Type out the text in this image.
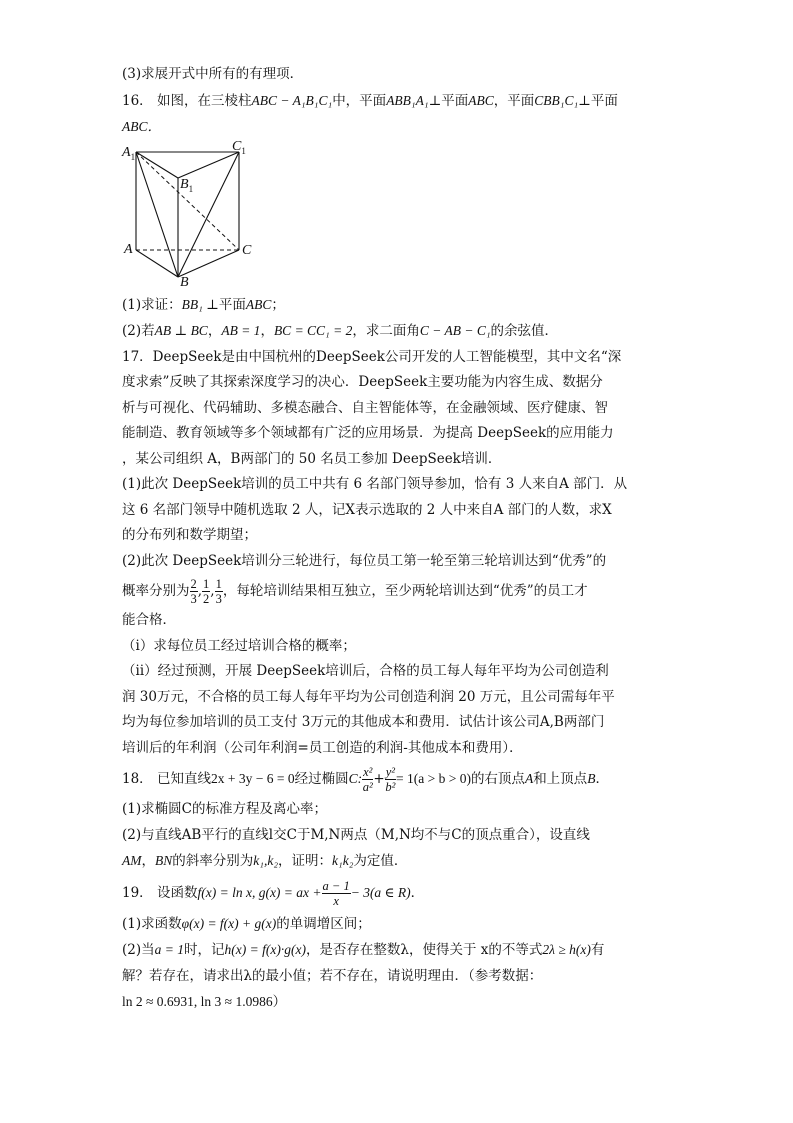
(3)求展开式中所有的有理项．

16． 如图，在三棱柱ABC − A₁B₁C₁中，平面ABB₁A₁⊥平面ABC，平面CBB₁C₁⊥平面

ABC．

$A_1$
$C_1$
$B_1$
A	C
B

(1)求证：BB₁ ⊥平面ABC；

(2)若AB ⊥ BC，AB = 1，BC = CC₁ = 2，求二面角C − AB − C₁的余弦值．

17．DeepSeek是由中国杭州的DeepSeek公司开发的人工智能模型，其中文名“深

度求索”反映了其探索深度学习的决心．DeepSeek主要功能为内容生成、数据分

析与可视化、代码辅助、多模态融合、自主智能体等，在金融领域、医疗健康、智

能制造、教育领域等多个领域都有广泛的应用场景．为提高 DeepSeek的应用能力

，某公司组织 A，B两部门的 50 名员工参加 DeepSeek培训．

(1)此次 DeepSeek培训的员工中共有 6 名部门领导参加，恰有 3 人来自A 部门．从

这 6 名部门领导中随机选取 2 人，记X表示选取的 2 人中来自A 部门的人数，求X

的分布列和数学期望；

(2)此次 DeepSeek培训分三轮进行，每位员工第一轮至第三轮培训达到“优秀”的

概率分别为 $\frac{2}{3}$ , $\frac{1}{2}$ , $\frac{1}{3}$ ，每轮培训结果相互独立，至少两轮培训达到“优秀”的员工才

能合格．

（ⅰ）求每位员工经过培训合格的概率；

（ⅱ）经过预测，开展 DeepSeek培训后，合格的员工每人每年平均为公司创造利

润 30万元，不合格的员工每人每年平均为公司创造利润 20 万元，且公司需每年平

均为每位参加培训的员工支付 3万元的其他成本和费用．试估计该公司A,B两部门

培训后的年利润（公司年利润=员工创造的利润-其他成本和费用）．

18． 已知直线2x + 3y − 6 = 0经过椭圆C: $\frac{\text{x²}}{\text{a²}} + \frac{\text{y²}}{\text{b²}} = 1(a > b > 0)$的右顶点A和上顶点B．

(1)求椭圆C的标准方程及离心率；

(2)与直线AB平行的直线l交C于M,N两点（M,N均不与C的顶点重合），设直线

AM，BN的斜率分别为k₁,k₂，证明：k₁k₂为定值．

19． 设函数f(x) = ln x, g(x) = ax + $\frac{a - 1}{x} - 3(a$ ∈ R)．

(1)求函数φ(x) = f(x) + g(x)的单调增区间；

(2)当a = 1时，记h(x) = f(x)·g(x)，是否存在整数λ，使得关于 x的不等式2λ ≥ h(x)有

解？若存在，请求出λ的最小值；若不存在，请说明理由．（参考数据：

ln 2 ≈ 0.6931, ln 3 ≈ 1.0986）
